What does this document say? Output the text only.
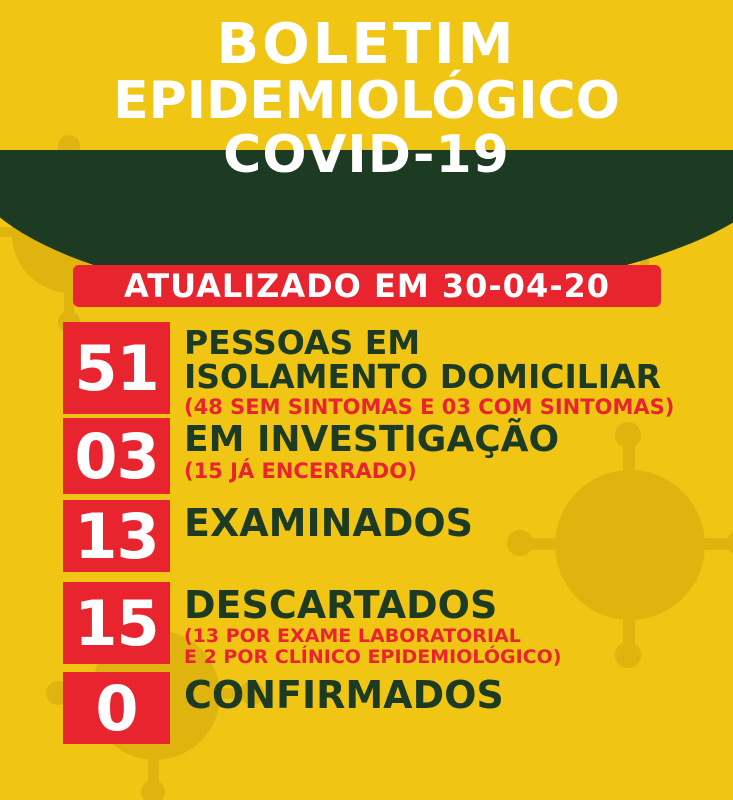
BOLETIM
EPIDEMIOLÓGICO
COVID-19
ARAGUATINS - TOCANTINS
ATUALIZADO EM 30-04-20
51 PESSOAS EM
ISOLAMENTO DOMICILIAR
(48 SEM SINTOMAS E 03 COM SINTOMAS)
03 EM INVESTIGAÇÃO
(15 JÁ ENCERRADO)
13 EXAMINADOS
15 DESCARTADOS
(13 POR EXAME LABORATORIAL
E 2 POR CLÍNICO EPIDEMIOLÓGICO)
0	CONFIRMADOS
